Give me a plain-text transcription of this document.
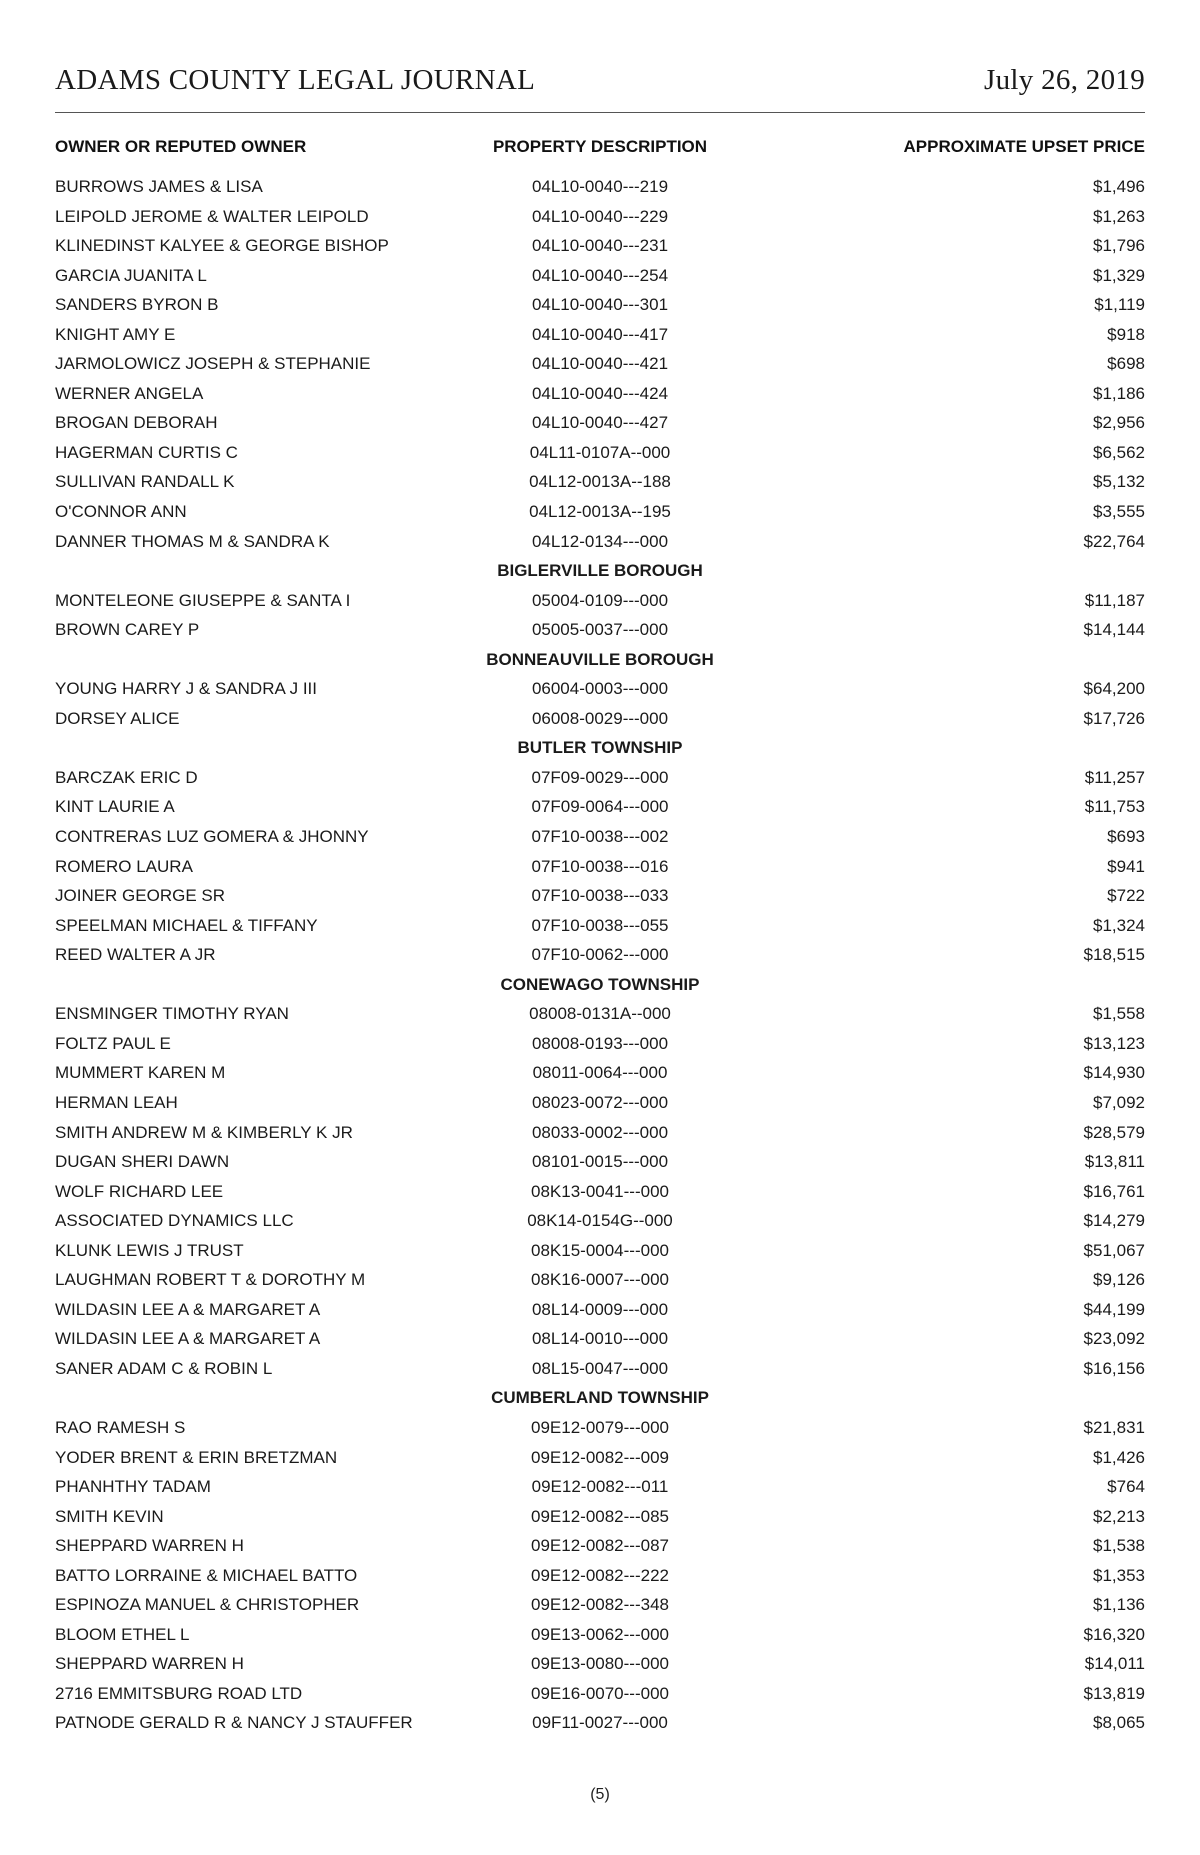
ADAMS COUNTY LEGAL JOURNAL	July 26, 2019
OWNER OR REPUTED OWNER	PROPERTY DESCRIPTION	APPROXIMATE UPSET PRICE
BURROWS JAMES & LISA	04L10-0040---219	$1,496
LEIPOLD JEROME & WALTER LEIPOLD	04L10-0040---229	$1,263
KLINEDINST KALYEE & GEORGE BISHOP	04L10-0040---231	$1,796
GARCIA JUANITA L	04L10-0040---254	$1,329
SANDERS BYRON B	04L10-0040---301	$1,119
KNIGHT AMY E	04L10-0040---417	$918
JARMOLOWICZ JOSEPH & STEPHANIE	04L10-0040---421	$698
WERNER ANGELA	04L10-0040---424	$1,186
BROGAN DEBORAH	04L10-0040---427	$2,956
HAGERMAN CURTIS C	04L11-0107A--000	$6,562
SULLIVAN RANDALL K	04L12-0013A--188	$5,132
O'CONNOR ANN	04L12-0013A--195	$3,555
DANNER THOMAS M & SANDRA K	04L12-0134---000	$22,764
BIGLERVILLE BOROUGH
MONTELEONE GIUSEPPE & SANTA I	05004-0109---000	$11,187
BROWN CAREY P	05005-0037---000	$14,144
BONNEAUVILLE BOROUGH
YOUNG HARRY J & SANDRA J III	06004-0003---000	$64,200
DORSEY ALICE	06008-0029---000	$17,726
BUTLER TOWNSHIP
BARCZAK ERIC D	07F09-0029---000	$11,257
KINT LAURIE A	07F09-0064---000	$11,753
CONTRERAS LUZ GOMERA & JHONNY	07F10-0038---002	$693
ROMERO LAURA	07F10-0038---016	$941
JOINER GEORGE SR	07F10-0038---033	$722
SPEELMAN MICHAEL & TIFFANY	07F10-0038---055	$1,324
REED WALTER A JR	07F10-0062---000	$18,515
CONEWAGO TOWNSHIP
ENSMINGER TIMOTHY RYAN	08008-0131A--000	$1,558
FOLTZ PAUL E	08008-0193---000	$13,123
MUMMERT KAREN M	08011-0064---000	$14,930
HERMAN LEAH	08023-0072---000	$7,092
SMITH ANDREW M & KIMBERLY K JR	08033-0002---000	$28,579
DUGAN SHERI DAWN	08101-0015---000	$13,811
WOLF RICHARD LEE	08K13-0041---000	$16,761
ASSOCIATED DYNAMICS LLC	08K14-0154G--000	$14,279
KLUNK LEWIS J TRUST	08K15-0004---000	$51,067
LAUGHMAN ROBERT T & DOROTHY M	08K16-0007---000	$9,126
WILDASIN LEE A & MARGARET A	08L14-0009---000	$44,199
WILDASIN LEE A & MARGARET A	08L14-0010---000	$23,092
SANER ADAM C & ROBIN L	08L15-0047---000	$16,156
CUMBERLAND TOWNSHIP
RAO RAMESH S	09E12-0079---000	$21,831
YODER BRENT & ERIN BRETZMAN	09E12-0082---009	$1,426
PHANHTHY TADAM	09E12-0082---011	$764
SMITH KEVIN	09E12-0082---085	$2,213
SHEPPARD WARREN H	09E12-0082---087	$1,538
BATTO LORRAINE & MICHAEL BATTO	09E12-0082---222	$1,353
ESPINOZA MANUEL & CHRISTOPHER	09E12-0082---348	$1,136
BLOOM ETHEL L	09E13-0062---000	$16,320
SHEPPARD WARREN H	09E13-0080---000	$14,011
2716 EMMITSBURG ROAD LTD	09E16-0070---000	$13,819
PATNODE GERALD R & NANCY J STAUFFER	09F11-0027---000	$8,065
(5)
